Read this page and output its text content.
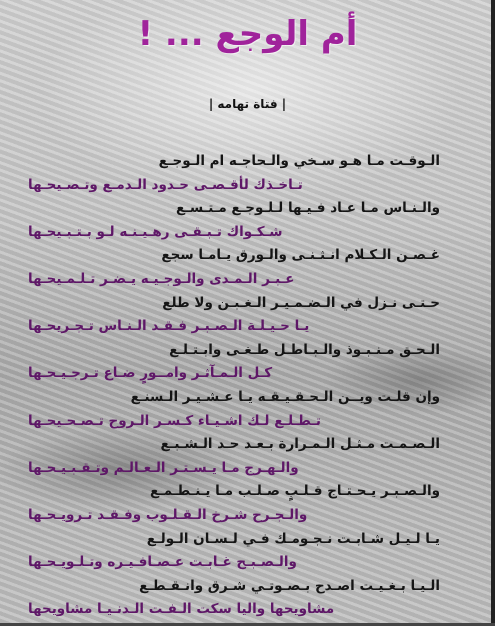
أم الوجع ... !
| فتاة تهامه |
الـوقـت مـا هـو سـخي والـحاجـه ام الـوجـع
تـاخـذك لأقـصـى حـدود الـدمـع وتـصـيحـها
والـنـاس مـا عـاد فـيـها لـلـوجـع مـتـسـع
شـكـواك تـبـقـى رهـيـنـه لـو بـتـبـيحـها
غـصـن الـكـلام انـثـنـى والـورق يـامـا سجع
عـبـر الـمـدى والـوجـيـه يـضـر تـلـمـيحـها
حـتـى نـزل في الـضـمـيـر الـغـبـن ولا طلع
يـا حـيـلـة الـصـبـر فـقـد الـنـاس تـجـريحـها
الـحـق مـنـبـوذ والـبـاطـل طـغـى وابـتـلـع
كـل الـمـآثـر وامــورٍ ضـاع تـرجـيـحـها
وإن قلـت ويــن الـحـقـيـقـه يـا عـشـيـر الـسنـع
تـطـلـع لـك اشـيـاء كـسـر الـروح تـصـحـيحـها
الـصـمـت مـثـل الـمـرارة بـعـد حـد الـشـبـع
والـهـرج مـا يـسـتـر الـعـالـم وتـقـبـيـحـها
والـصـبـر يـحـتـاج قـلـبٍ صـلـب مـا يـنـطـمـع
والـجـرح شـرخ الـقـلـوب وفـقـد تـرويـحـها
يـا لـيـل شـابـت نـجـومـك فـي لـسـان الـولـع
والـصـبـح غـابـت عـصـافـيـره وتـلـويـحـها
الـيـا بـغـيـت اصـدح بـصـوتـي شـرق وانـقـطـع
مشاويحها واليا سكت الـفـت الـدنـيـا مشاويحها
